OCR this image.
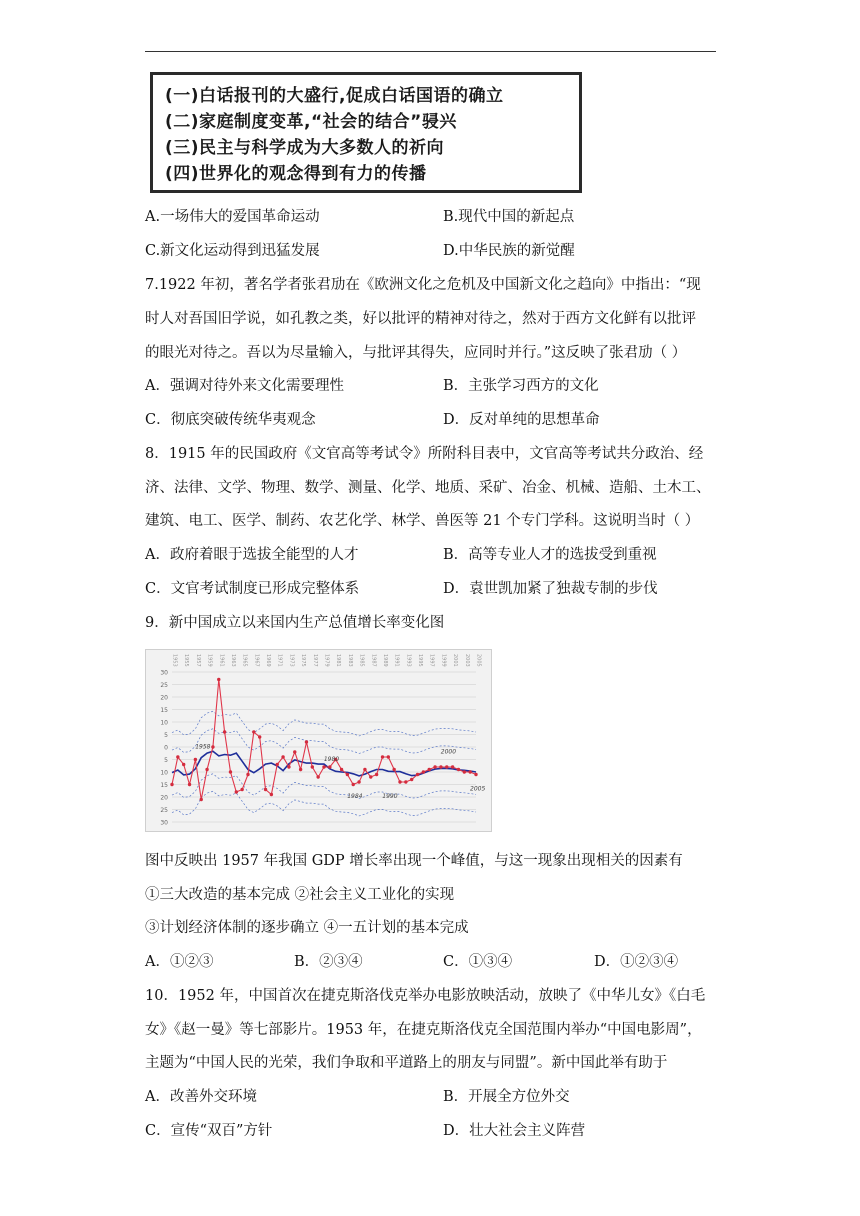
(一)白话报刊的大盛行,促成白话国语的确立
(二)家庭制度变革,“社会的结合”骎兴
(三)民主与科学成为大多数人的祈向
(四)世界化的观念得到有力的传播
A.一场伟大的爱国革命运动	B.现代中国的新起点
C.新文化运动得到迅猛发展	D.中华民族的新觉醒
7.1922 年初，著名学者张君劢在《欧洲文化之危机及中国新文化之趋向》中指出：“现
时人对吾国旧学说，如孔教之类，好以批评的精神对待之，然对于西方文化鲜有以批评
的眼光对待之。吾以为尽量输入，与批评其得失，应同时并行。”这反映了张君劢（ ）
A．强调对待外来文化需要理性	B．主张学习西方的文化
C．彻底突破传统华夷观念	D．反对单纯的思想革命
8．1915 年的民国政府《文官高等考试令》所附科目表中，文官高等考试共分政治、经
济、法律、文学、物理、数学、测量、化学、地质、采矿、冶金、机械、造船、土木工、
建筑、电工、医学、制药、农艺化学、林学、兽医等 21 个专门学科。这说明当时（ ）
A．政府着眼于选拔全能型的人才	B．高等专业人才的选拔受到重视
C．文官考试制度已形成完整体系	D．袁世凯加紧了独裁专制的步伐
9．新中国成立以来国内生产总值增长率变化图
30
25
20
15
10
5
0
5
10
15
20
25
30
1953 1955 1957 1959 1961 1963 1965 1967 1969 1971 1973 1975 1977 1979 1981 1983 1985 1987 1989 1991 1993 1995 1997 1999 2001 2003 2005
1958
1980
1984	1990
2000
2005
图中反映出 1957 年我国 GDP 增长率出现一个峰值，与这一现象出现相关的因素有
①三大改造的基本完成 ②社会主义工业化的实现
③计划经济体制的逐步确立 ④一五计划的基本完成
A．①②③	B．②③④	C．①③④	D．①②③④
10．1952 年，中国首次在捷克斯洛伐克举办电影放映活动，放映了《中华儿女》《白毛
女》《赵一曼》等七部影片。1953 年，在捷克斯洛伐克全国范围内举办“中国电影周”，
主题为“中国人民的光荣，我们争取和平道路上的朋友与同盟”。新中国此举有助于
A．改善外交环境	B．开展全方位外交
C．宣传“双百”方针	D．壮大社会主义阵营
